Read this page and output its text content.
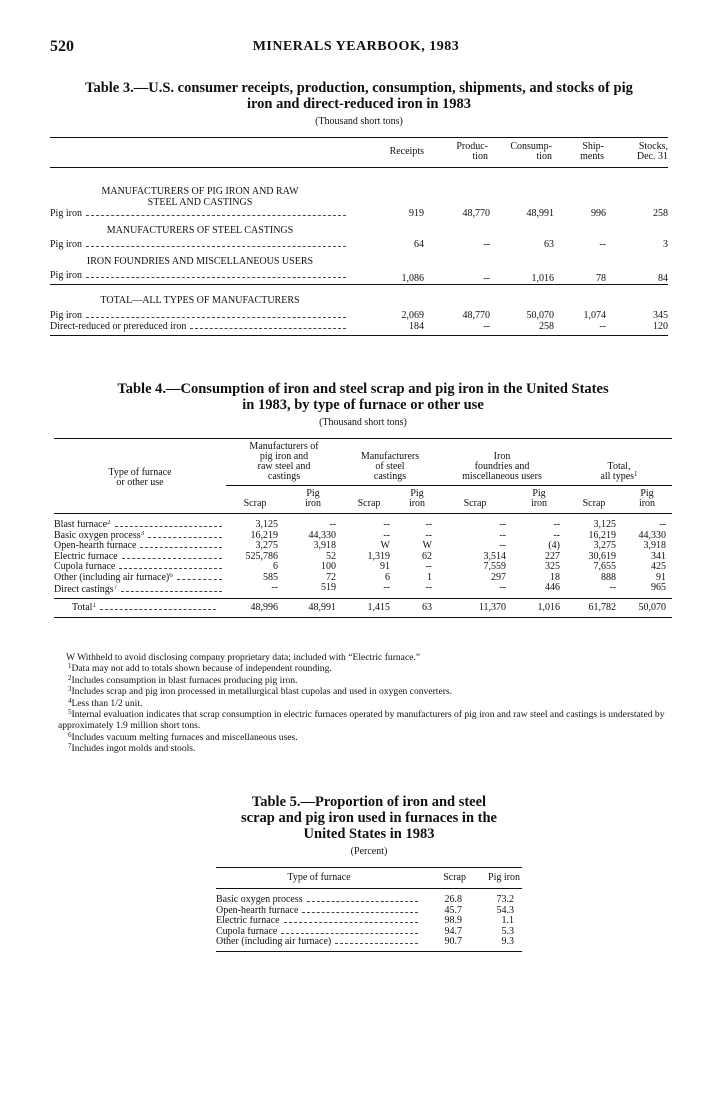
520	MINERALS YEARBOOK, 1983
Table 3.—U.S. consumer receipts, production, consumption, shipments, and stocks of pig
iron and direct-reduced iron in 1983
(Thousand short tons)
	Receipts	Produc-
tion	Consump-
tion	Ship-
ments	Stocks,
Dec. 31

MANUFACTURERS OF PIG IRON AND RAW
STEEL AND CASTINGS					

Pig iron	919	48,770	48,991	996	258
MANUFACTURERS OF STEEL CASTINGS					

Pig iron	64	--	63	--	3
IRON FOUNDRIES AND MISCELLANEOUS USERS					

Pig iron	1,086	--	1,016	78	84
TOTAL—ALL TYPES OF MANUFACTURERS					

Pig iron	2,069	48,770	50,070	1,074	345

Direct-reduced or prereduced iron	184	--	258	--	120
Table 4.—Consumption of iron and steel scrap and pig iron in the United States
in 1983, by type of furnace or other use
(Thousand short tons)
Type of furnace
or other use	Manufacturers of
pig iron and
raw steel and
castings		Manufacturers
of steel
castings		Iron
foundries and
miscellaneous users		Total,
all types$^1$
	Scrap	Pig
iron	Scrap	Pig
iron	Scrap	Pig
iron	Scrap	Pig
iron

Blast furnace$^2$	3,125	--	--	--	--	--	3,125	--

Basic oxygen process$^3$	16,219	44,330	--	--	--	--	16,219	44,330

Open-hearth furnace	3,275	3,918	W	W	--	(4)	3,275	3,918

Electric furnace	525,786	52	1,319	62	3,514	227	30,619	341

Cupola furnace	6	100	91	--	7,559	325	7,655	425

Other (including air furnace)$^6$	585	72	6	1	297	18	888	91

Direct castings$^7$	--	519	--	--	--	446	--	965

Total$^1$	48,996	48,991	1,415	63	11,370	1,016	61,782	50,070
W Withheld to avoid disclosing company proprietary data; included with “Electric furnace.”
$^1$Data may not add to totals shown because of independent rounding.
$^2$Includes consumption in blast furnaces producing pig iron.
$^3$Includes scrap and pig iron processed in metallurgical blast cupolas and used in oxygen converters.
$^4$Less than 1/2 unit.
$^5$Internal evaluation indicates that scrap consumption in electric furnaces operated by manufacturers of pig iron and raw steel and castings is understated by approximately 1.9 million short tons.
$^6$Includes vacuum melting furnaces and miscellaneous uses.
$^7$Includes ingot molds and stools.
Table 5.—Proportion of iron and steel
scrap and pig iron used in furnaces in the
United States in 1983
(Percent)
Type of furnace	Scrap	Pig iron

Basic oxygen process	26.8	73.2

Open-hearth furnace	45.7	54.3

Electric furnace	98.9	1.1

Cupola furnace	94.7	5.3

Other (including air furnace)	90.7	9.3
